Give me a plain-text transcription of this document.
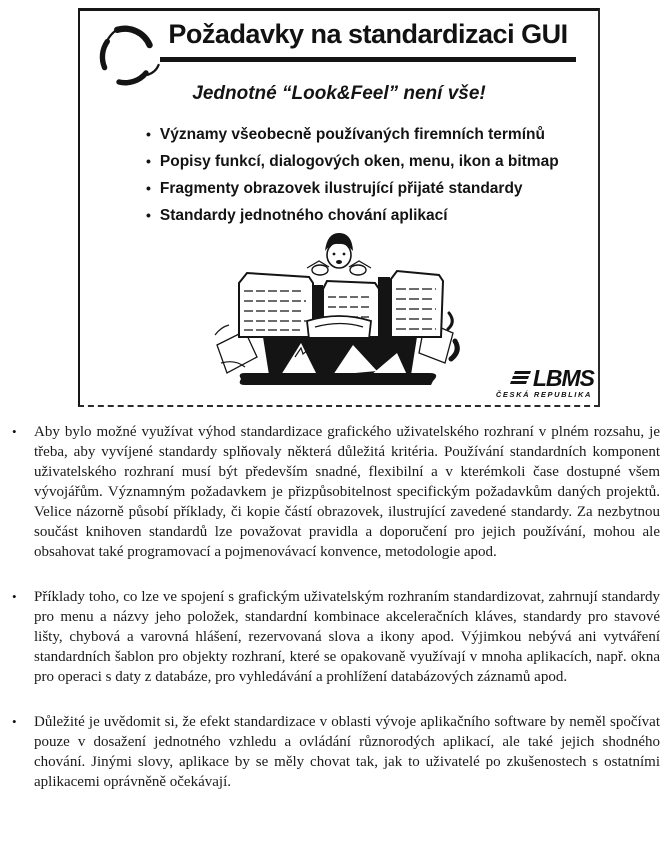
Požadavky na standardizaci GUI
Jednotné “Look&Feel” není vše!
• Významy všeobecně používaných firemních termínů
• Popisy funkcí, dialogových oken, menu, ikon a bitmap
• Fragmenty obrazovek ilustrující přijaté standardy
• Standardy jednotného chování aplikací
LBMS
ČESKÁ REPUBLIKA
•	Aby bylo možné využívat výhod standardizace grafického uživatelského rozhraní v plném rozsahu, je třeba, aby vyvíjené standardy splňovaly některá důležitá kritéria. Používání standardních komponent uživatelského rozhraní musí být především snadné, flexibilní a v kterémkoli čase dostupné všem vývojářům. Významným požadavkem je přizpůsobitelnost specifickým požadavkům daných projektů. Velice názorně působí příklady, či kopie částí obrazovek, ilustrující zavedené standardy. Za nezbytnou součást knihoven standardů lze považovat pravidla a doporučení pro jejich používání, mohou ale obsahovat také programovací a pojmenovávací konvence, metodologie apod.

•	Příklady toho, co lze ve spojení s grafickým uživatelským rozhraním standardizovat, zahrnují standardy pro menu a názvy jeho položek, standardní kombinace akceleračních kláves, standardy pro stavové lišty, chybová a varovná hlášení, rezervovaná slova a ikony apod. Výjimkou nebývá ani vytváření standardních šablon pro objekty rozhraní, které se opakovaně využívají v mnoha aplikacích, např. okna pro operaci s daty z databáze, pro vyhledávání a prohlížení databázových záznamů apod.

•	Důležité je uvědomit si, že efekt standardizace v oblasti vývoje aplikačního software by neměl spočívat pouze v dosažení jednotného vzhledu a ovládání různorodých aplikací, ale také jejich shodného chování. Jinými slovy, aplikace by se měly chovat tak, jak to uživatelé po zkušenostech s ostatními aplikacemi oprávněně očekávají.
